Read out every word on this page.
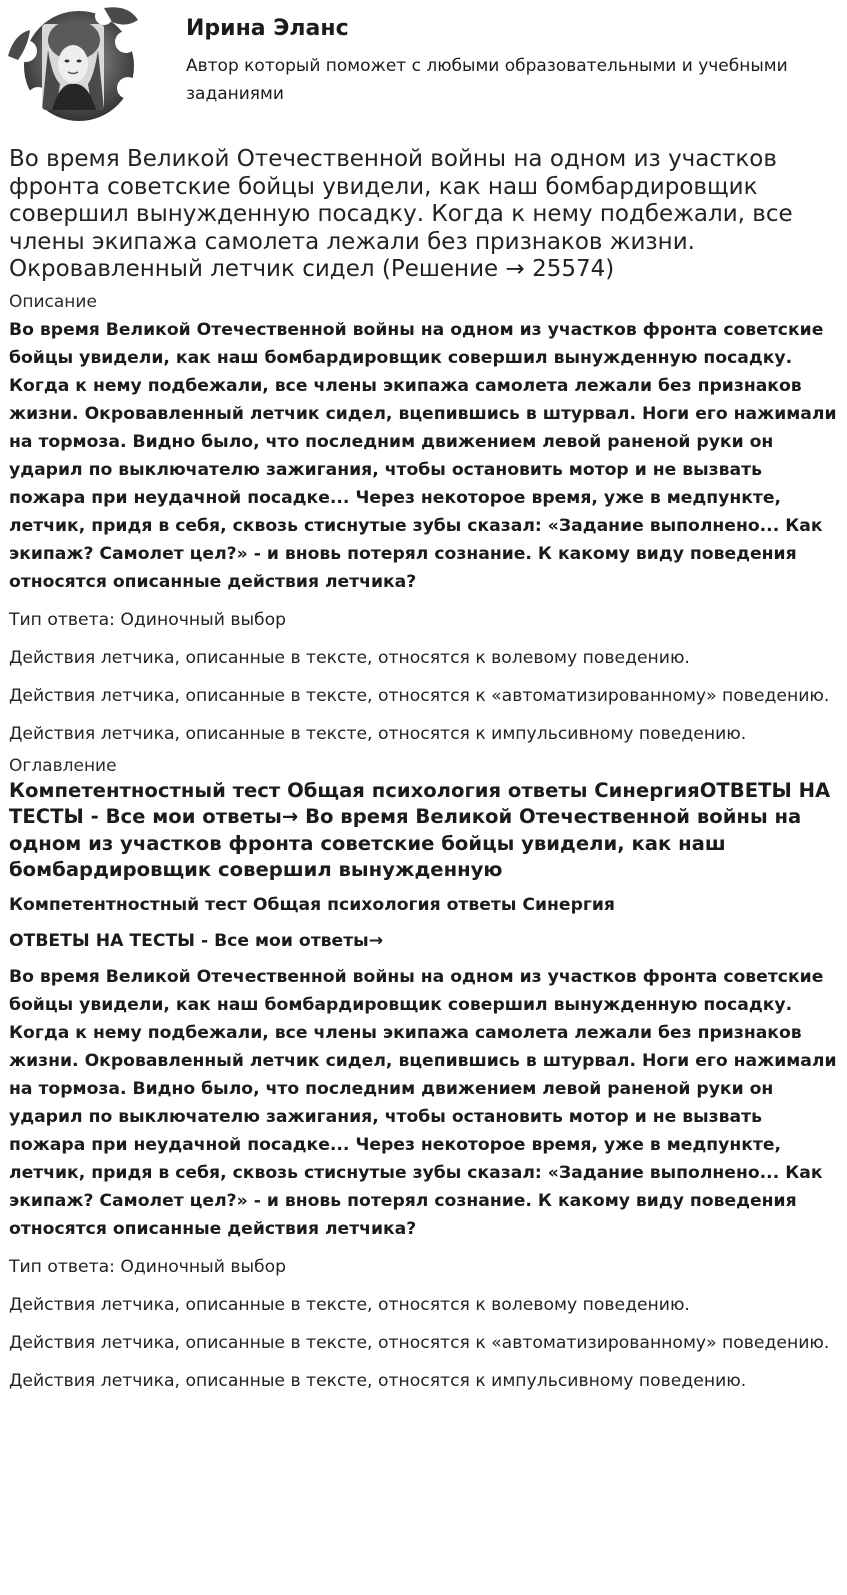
Ирина Эланс
Автор который поможет с любыми образовательными и учебными заданиями
Во время Великой Отечественной войны на одном из участков фронта советские бойцы увидели, как наш бомбардировщик совершил вынужденную посадку. Когда к нему подбежали, все члены экипажа самолета лежали без признаков жизни. Окровавленный летчик сидел (Решение → 25574)
Описание

Во время Великой Отечественной войны на одном из участков фронта советские бойцы увидели, как наш бомбардировщик совершил вынужденную посадку. Когда к нему подбежали, все члены экипажа самолета лежали без признаков жизни. Окровавленный летчик сидел, вцепившись в штурвал. Ноги его нажимали на тормоза. Видно было, что последним движением левой раненой руки он ударил по выключателю зажигания, чтобы остановить мотор и не вызвать пожара при неудачной посадке... Через некоторое время, уже в медпункте, летчик, придя в себя, сквозь стиснутые зубы сказал: «Задание выполнено... Как экипаж? Самолет цел?» - и вновь потерял сознание. К какому виду поведения относятся описанные действия летчика?

Тип ответа: Одиночный выбор

Действия летчика, описанные в тексте, относятся к волевому поведению.

Действия летчика, описанные в тексте, относятся к «автоматизированному» поведению.

Действия летчика, описанные в тексте, относятся к импульсивному поведению.

Оглавление
Компетентностный тест Общая психология ответы СинергияОТВЕТЫ НА ТЕСТЫ - Все мои ответы→ Во время Великой Отечественной войны на одном из участков фронта советские бойцы увидели, как наш бомбардировщик совершил вынужденную

Компетентностный тест Общая психология ответы Синергия

ОТВЕТЫ НА ТЕСТЫ - Все мои ответы→

Во время Великой Отечественной войны на одном из участков фронта советские бойцы увидели, как наш бомбардировщик совершил вынужденную посадку. Когда к нему подбежали, все члены экипажа самолета лежали без признаков жизни. Окровавленный летчик сидел, вцепившись в штурвал. Ноги его нажимали на тормоза. Видно было, что последним движением левой раненой руки он ударил по выключателю зажигания, чтобы остановить мотор и не вызвать пожара при неудачной посадке... Через некоторое время, уже в медпункте, летчик, придя в себя, сквозь стиснутые зубы сказал: «Задание выполнено... Как экипаж? Самолет цел?» - и вновь потерял сознание. К какому виду поведения относятся описанные действия летчика?

Тип ответа: Одиночный выбор

Действия летчика, описанные в тексте, относятся к волевому поведению.

Действия летчика, описанные в тексте, относятся к «автоматизированному» поведению.

Действия летчика, описанные в тексте, относятся к импульсивному поведению.
